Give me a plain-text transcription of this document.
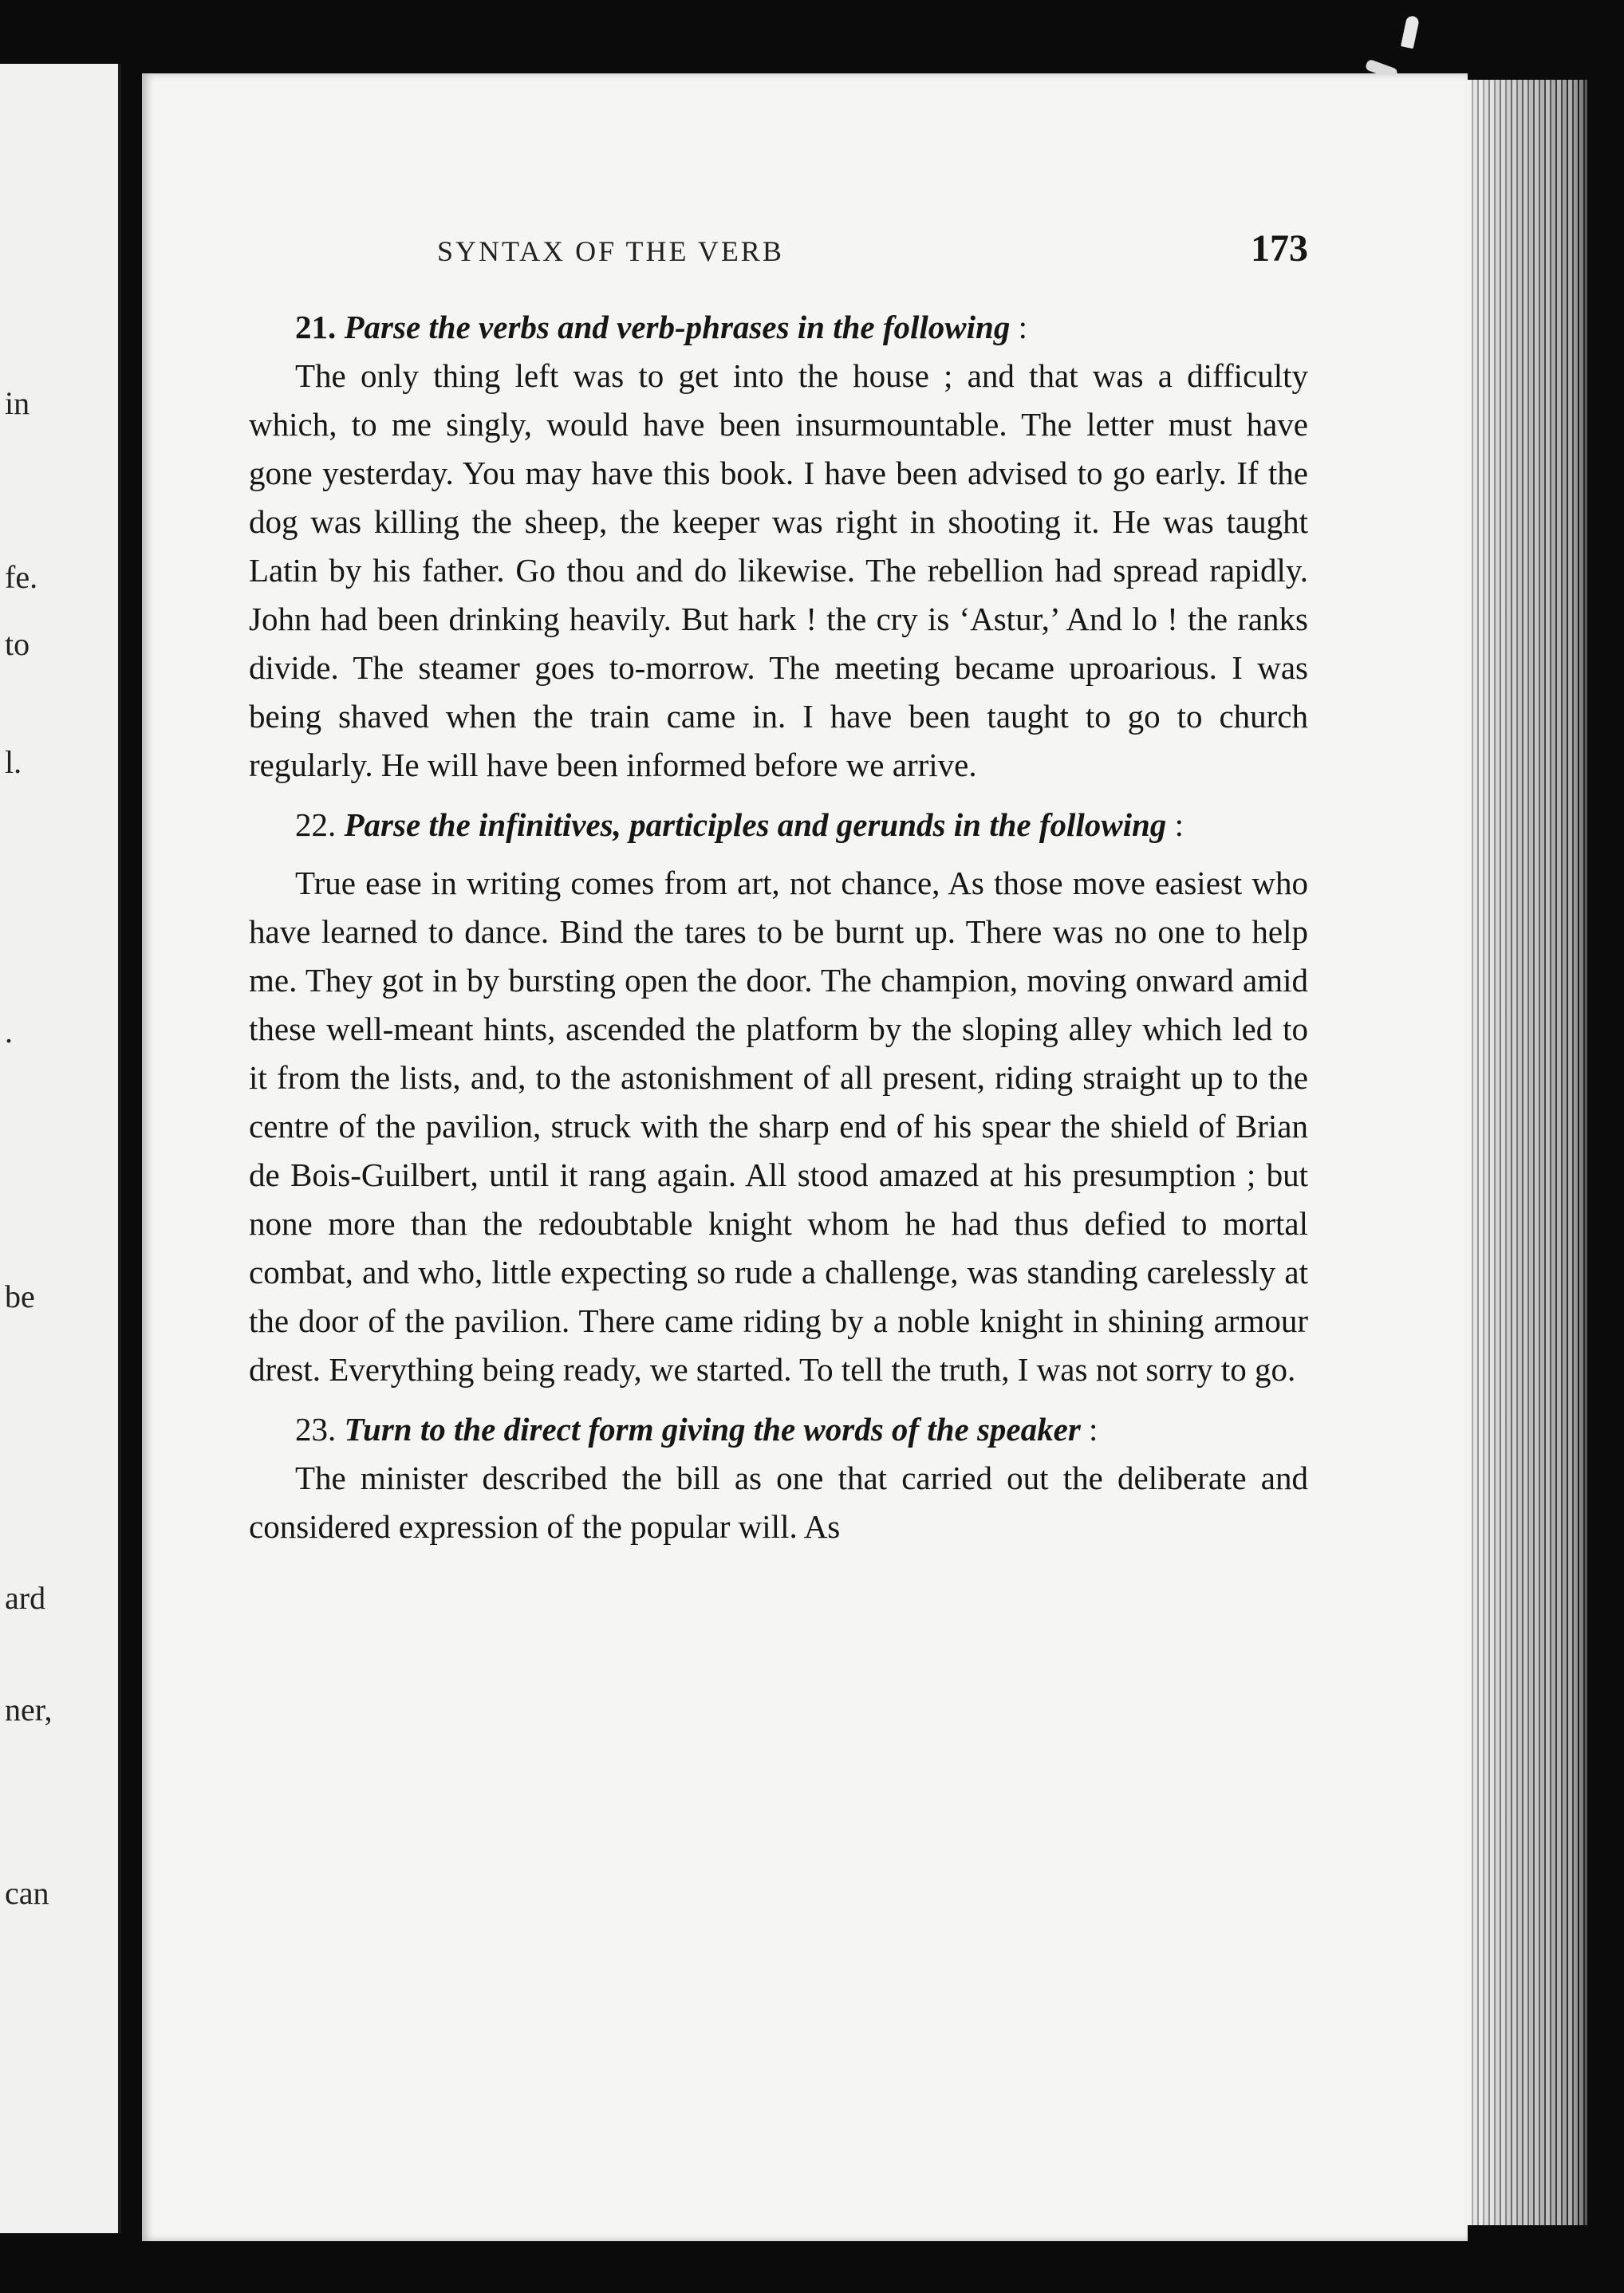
in
fe.
to
l.
.
be
ard
ner,
can
SYNTAX OF THE VERB	173

21. Parse the verbs and verb-phrases in the following :

The only thing left was to get into the house ; and that was a difficulty which, to me singly, would have been insurmountable. The letter must have gone yesterday. You may have this book. I have been advised to go early. If the dog was killing the sheep, the keeper was right in shooting it. He was taught Latin by his father. Go thou and do likewise. The rebellion had spread rapidly. John had been drinking heavily. But hark ! the cry is ‘Astur,’ And lo ! the ranks divide. The steamer goes to-morrow. The meeting became uproarious. I was being shaved when the train came in. I have been taught to go to church regularly. He will have been informed before we arrive.

22. Parse the infinitives, participles and gerunds in the following :

True ease in writing comes from art, not chance, As those move easiest who have learned to dance. Bind the tares to be burnt up. There was no one to help me. They got in by bursting open the door. The champion, moving onward amid these well-meant hints, ascended the platform by the sloping alley which led to it from the lists, and, to the astonishment of all present, riding straight up to the centre of the pavilion, struck with the sharp end of his spear the shield of Brian de Bois-Guilbert, until it rang again. All stood amazed at his presumption ; but none more than the redoubtable knight whom he had thus defied to mortal combat, and who, little expecting so rude a challenge, was standing carelessly at the door of the pavilion. There came riding by a noble knight in shining armour drest. Everything being ready, we started. To tell the truth, I was not sorry to go.

23. Turn to the direct form giving the words of the speaker :

The minister described the bill as one that carried out the deliberate and considered expression of the popular will. As
